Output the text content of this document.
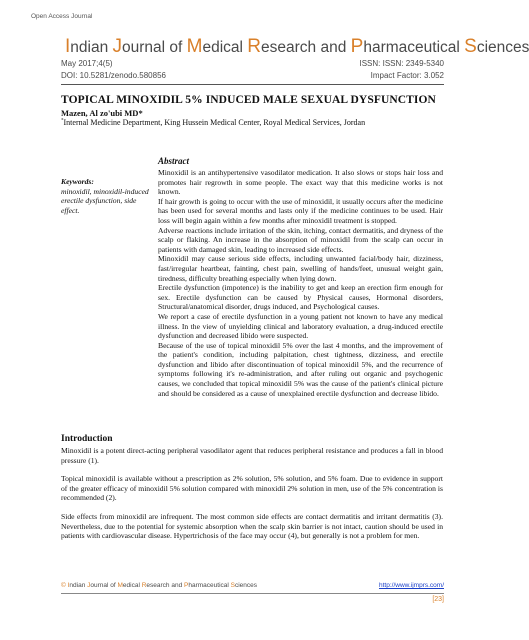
Open Access Journal
Indian Journal of Medical Research and Pharmaceutical Sciences
May 2017;4(5)	ISSN: ISSN: 2349-5340
DOI: 10.5281/zenodo.580856	Impact Factor: 3.052
TOPICAL MINOXIDIL 5% INDUCED MALE SEXUAL DYSFUNCTION
Mazen, Al zo'ubi MD*
*Internal Medicine Department, King Hussein Medical Center, Royal Medical Services, Jordan
Keywords:
minoxidil, minoxidil-induced erectile dysfunction, side effect.
Abstract

Minoxidil is an antihypertensive vasodilator medication. It also slows or stops hair loss and promotes hair regrowth in some people. The exact way that this medicine works is not known.

If hair growth is going to occur with the use of minoxidil, it usually occurs after the medicine has been used for several months and lasts only if the medicine continues to be used. Hair loss will begin again within a few months after minoxidil treatment is stopped.

Adverse reactions include irritation of the skin, itching, contact dermatitis, and dryness of the scalp or flaking. An increase in the absorption of minoxidil from the scalp can occur in patients with damaged skin, leading to increased side effects.

Minoxidil may cause serious side effects, including unwanted facial/body hair, dizziness, fast/irregular heartbeat, fainting, chest pain, swelling of hands/feet, unusual weight gain, tiredness, difficulty breathing especially when lying down.

Erectile dysfunction (impotence) is the inability to get and keep an erection firm enough for sex. Erectile dysfunction can be caused by Physical causes, Hormonal disorders, Structural/anatomical disorder, drugs induced, and Psychological causes.

We report a case of erectile dysfunction in a young patient not known to have any medical illness. In the view of unyielding clinical and laboratory evaluation, a drug-induced erectile dysfunction and decreased libido were suspected.

Because of the use of topical minoxidil 5% over the last 4 months, and the improvement of the patient's condition, including palpitation, chest tightness, dizziness, and erectile dysfunction and libido after discontinuation of topical minoxidil 5%, and the recurrence of symptoms following it's re-administration, and after ruling out organic and psychogenic causes, we concluded that topical minoxidil 5% was the cause of the patient's clinical picture and should be considered as a cause of unexplained erectile dysfunction and decrease libido.

Introduction

Minoxidil is a potent direct-acting peripheral vasodilator agent that reduces peripheral resistance and produces a fall in blood pressure (1).

Topical minoxidil is available without a prescription as 2% solution, 5% solution, and 5% foam. Due to evidence in support of the greater efficacy of minoxidil 5% solution compared with minoxidil 2% solution in men, use of the 5% concentration is recommended (2).

Side effects from minoxidil are infrequent. The most common side effects are contact dermatitis and irritant dermatitis (3). Nevertheless, due to the potential for systemic absorption when the scalp skin barrier is not intact, caution should be used in patients with cardiovascular disease. Hypertrichosis of the face may occur (4), but generally is not a problem for men.

© Indian Journal of Medical Research and Pharmaceutical Sciences	http://www.ijmprs.com/
[23]
